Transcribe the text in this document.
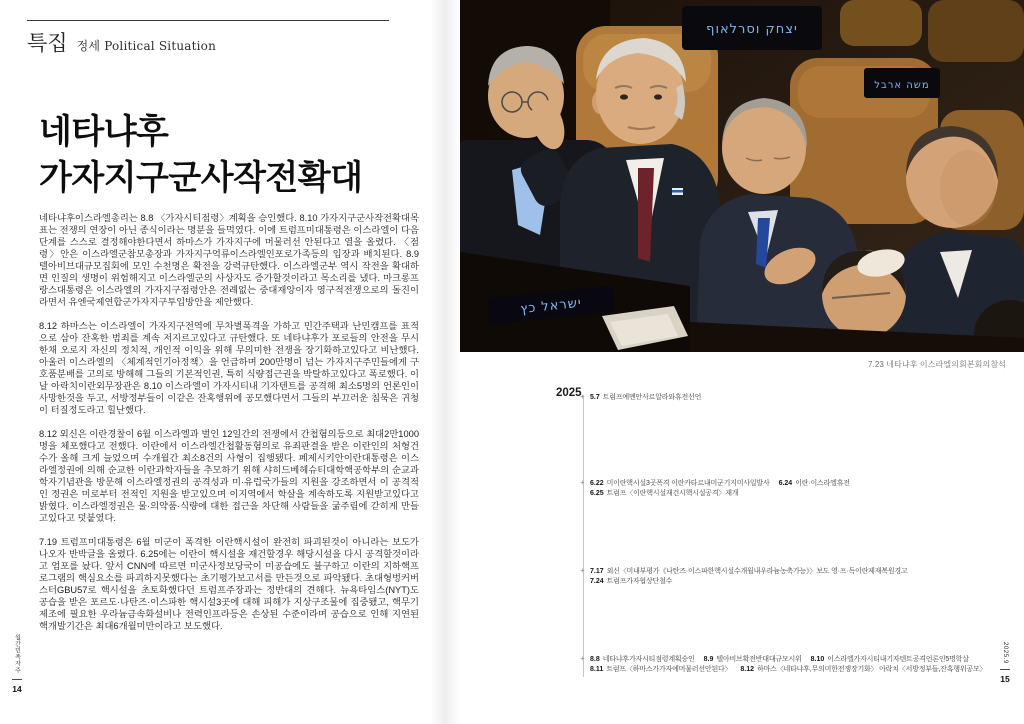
특집 정세 Political Situation
네타냐후
가자지구군사작전확대

네타냐후이스라엘총리는 8.8 〈가자시티점령〉계획을 승인했다. 8.10 가자지구군사작전확대목표는 전쟁의 연장이 아닌 종식이라는 명분을 들먹였다. 이에 트럼프미대통령은 이스라엘이 다음단계를 스스로 결정해야한다면서 하마스가 가자지구에 머물러선 안된다고 열을 올렸다. 〈점령〉안은 이스라엘군참모총장과 가자지구억류이스라엘인포로가족등의 입장과 배치된다. 8.9 텔아비브대규모집회에 모인 수천명은 확전을 강력규탄했다. 이스라엘군부 역시 작전을 확대하면 인질의 생명이 위험해지고 이스라엘군의 사상자도 증가할것이라고 목소리를 냈다. 마크롱프랑스대통령은 이스라엘의 가자지구점령안은 전례없는 중대재앙이자 영구적전쟁으로의 돌진이라면서 유엔국제연합군가자지구투입방안을 제안했다.

8.12 하마스는 이스라엘이 가자지구전역에 무차별폭격을 가하고 민간주택과 난민캠프를 표적으로 삼아 잔혹한 범죄를 계속 저지르고있다고 규탄했다. 또 네타냐후가 포로들의 안전을 무시한채 오로지 자신의 정치적, 개인적 이익을 위해 무의미한 전쟁을 장기화하고있다고 비난했다. 아울러 이스라엘의 〈체계적인기아정책〉을 언급하며 200만명이 넘는 가자지구주민들에게 구호품분배를 고의로 방해해 그들의 기본적인권, 특히 식량접근권을 박탈하고있다고 폭로했다. 이날 아락치이란외무장관은 8.10 이스라엘이 가자시티내 기자텐트를 공격해 최소5명의 언론인이 사망한것을 두고, 서방정부들이 이같은 잔혹행위에 공모했다면서 그들의 부끄러운 침묵은 귀청이 터질정도라고 힐난했다.

8.12 외신은 이란경찰이 6월 이스라엘과 벌인 12일간의 전쟁에서 간첩혐의등으로 최대2만1000명을 체포했다고 전했다. 이란에서 이스라엘간첩활동혐의로 유죄판결을 받은 이란인의 처형건수가 올해 크게 늘었으며 수개월간 최소8건의 사형이 집행됐다. 페제시키안이란대통령은 이스라엘정권에 의해 순교한 이란과학자들을 추모하기 위해 샤히드베헤슈티대학핵공학부의 순교과학자기념관을 방문해 이스라엘정권의 공격성과 미·유럽국가들의 지원을 강조하면서 이 공격적인 정권은 미로부터 전적인 지원을 받고있으며 이지역에서 학살을 계속하도록 지원받고있다고 밝혔다. 이스라엘정권은 물·의약품·식량에 대한 접근을 차단해 사람들을 굶주림에 갇히게 만들고있다고 덧붙였다.

7.19 트럼프미대통령은 6월 미군이 폭격한 이란핵시설이 완전히 파괴된것이 아니라는 보도가 나오자 반박글을 올렸다. 6.25에는 이란이 핵시설을 재건할경우 해당시설을 다시 공격할것이라고 엄포를 놨다. 앞서 CNN에 따르면 미군사정보당국이 미공습에도 불구하고 이란의 지하핵프로그램의 핵심요소를 파괴하지못했다는 초기평가보고서를 만든것으로 파악됐다. 초대형벙커버스터GBU57로 핵시설을 초토화했다던 트럼프주장과는 정반대의 견해다. 뉴욕타임스(NYT)도 공습을 받은 포르도·나탄즈·이스파한 핵시설3곳에 대해 피해가 지상구조물에 집중됐고, 핵무기제조에 필요한 우라늄금속화설비나 전력인프라등은 손상된 수준이라며 공습으로 인해 지연된 핵개발기간은 최대6개월미만이라고 보도했다.

יצחק וסרלאוף
משה ארבל
ישראל כץ
7.23 네타냐후 이스라엘의회본회의참석
2025 + 5.7 트럼프예멘안사르알라와휴전선언
+ 6.22 미이란핵시설3곳폭격 이란카타르내미군기지미사일발사 6.24 이란·이스라엘휴전
6.25 트럼프〈이란핵시설재건시핵시설공격〉재개
+ 7.17 외신〈미내부평가《나탄즈·이스파한핵시설수개월내우라늄농축가능》〉보도 영·프·독이란제재복원경고
7.24 트럼프가자협상단철수
+ 8.8 네타냐후가자시티점령계획승인 8.9 텔아비브확전반대대규모시위 8.10 이스라엘가자시티내기자텐트공격언론인5명학살
8.11 트럼프〈하마스가가자에머물러선안된다〉 8.12 하마스〈네타냐후,무의미한전쟁장기화〉 아락치〈서방정부들,잔혹행위공모〉
월간민족자주
14
2025.9
15
